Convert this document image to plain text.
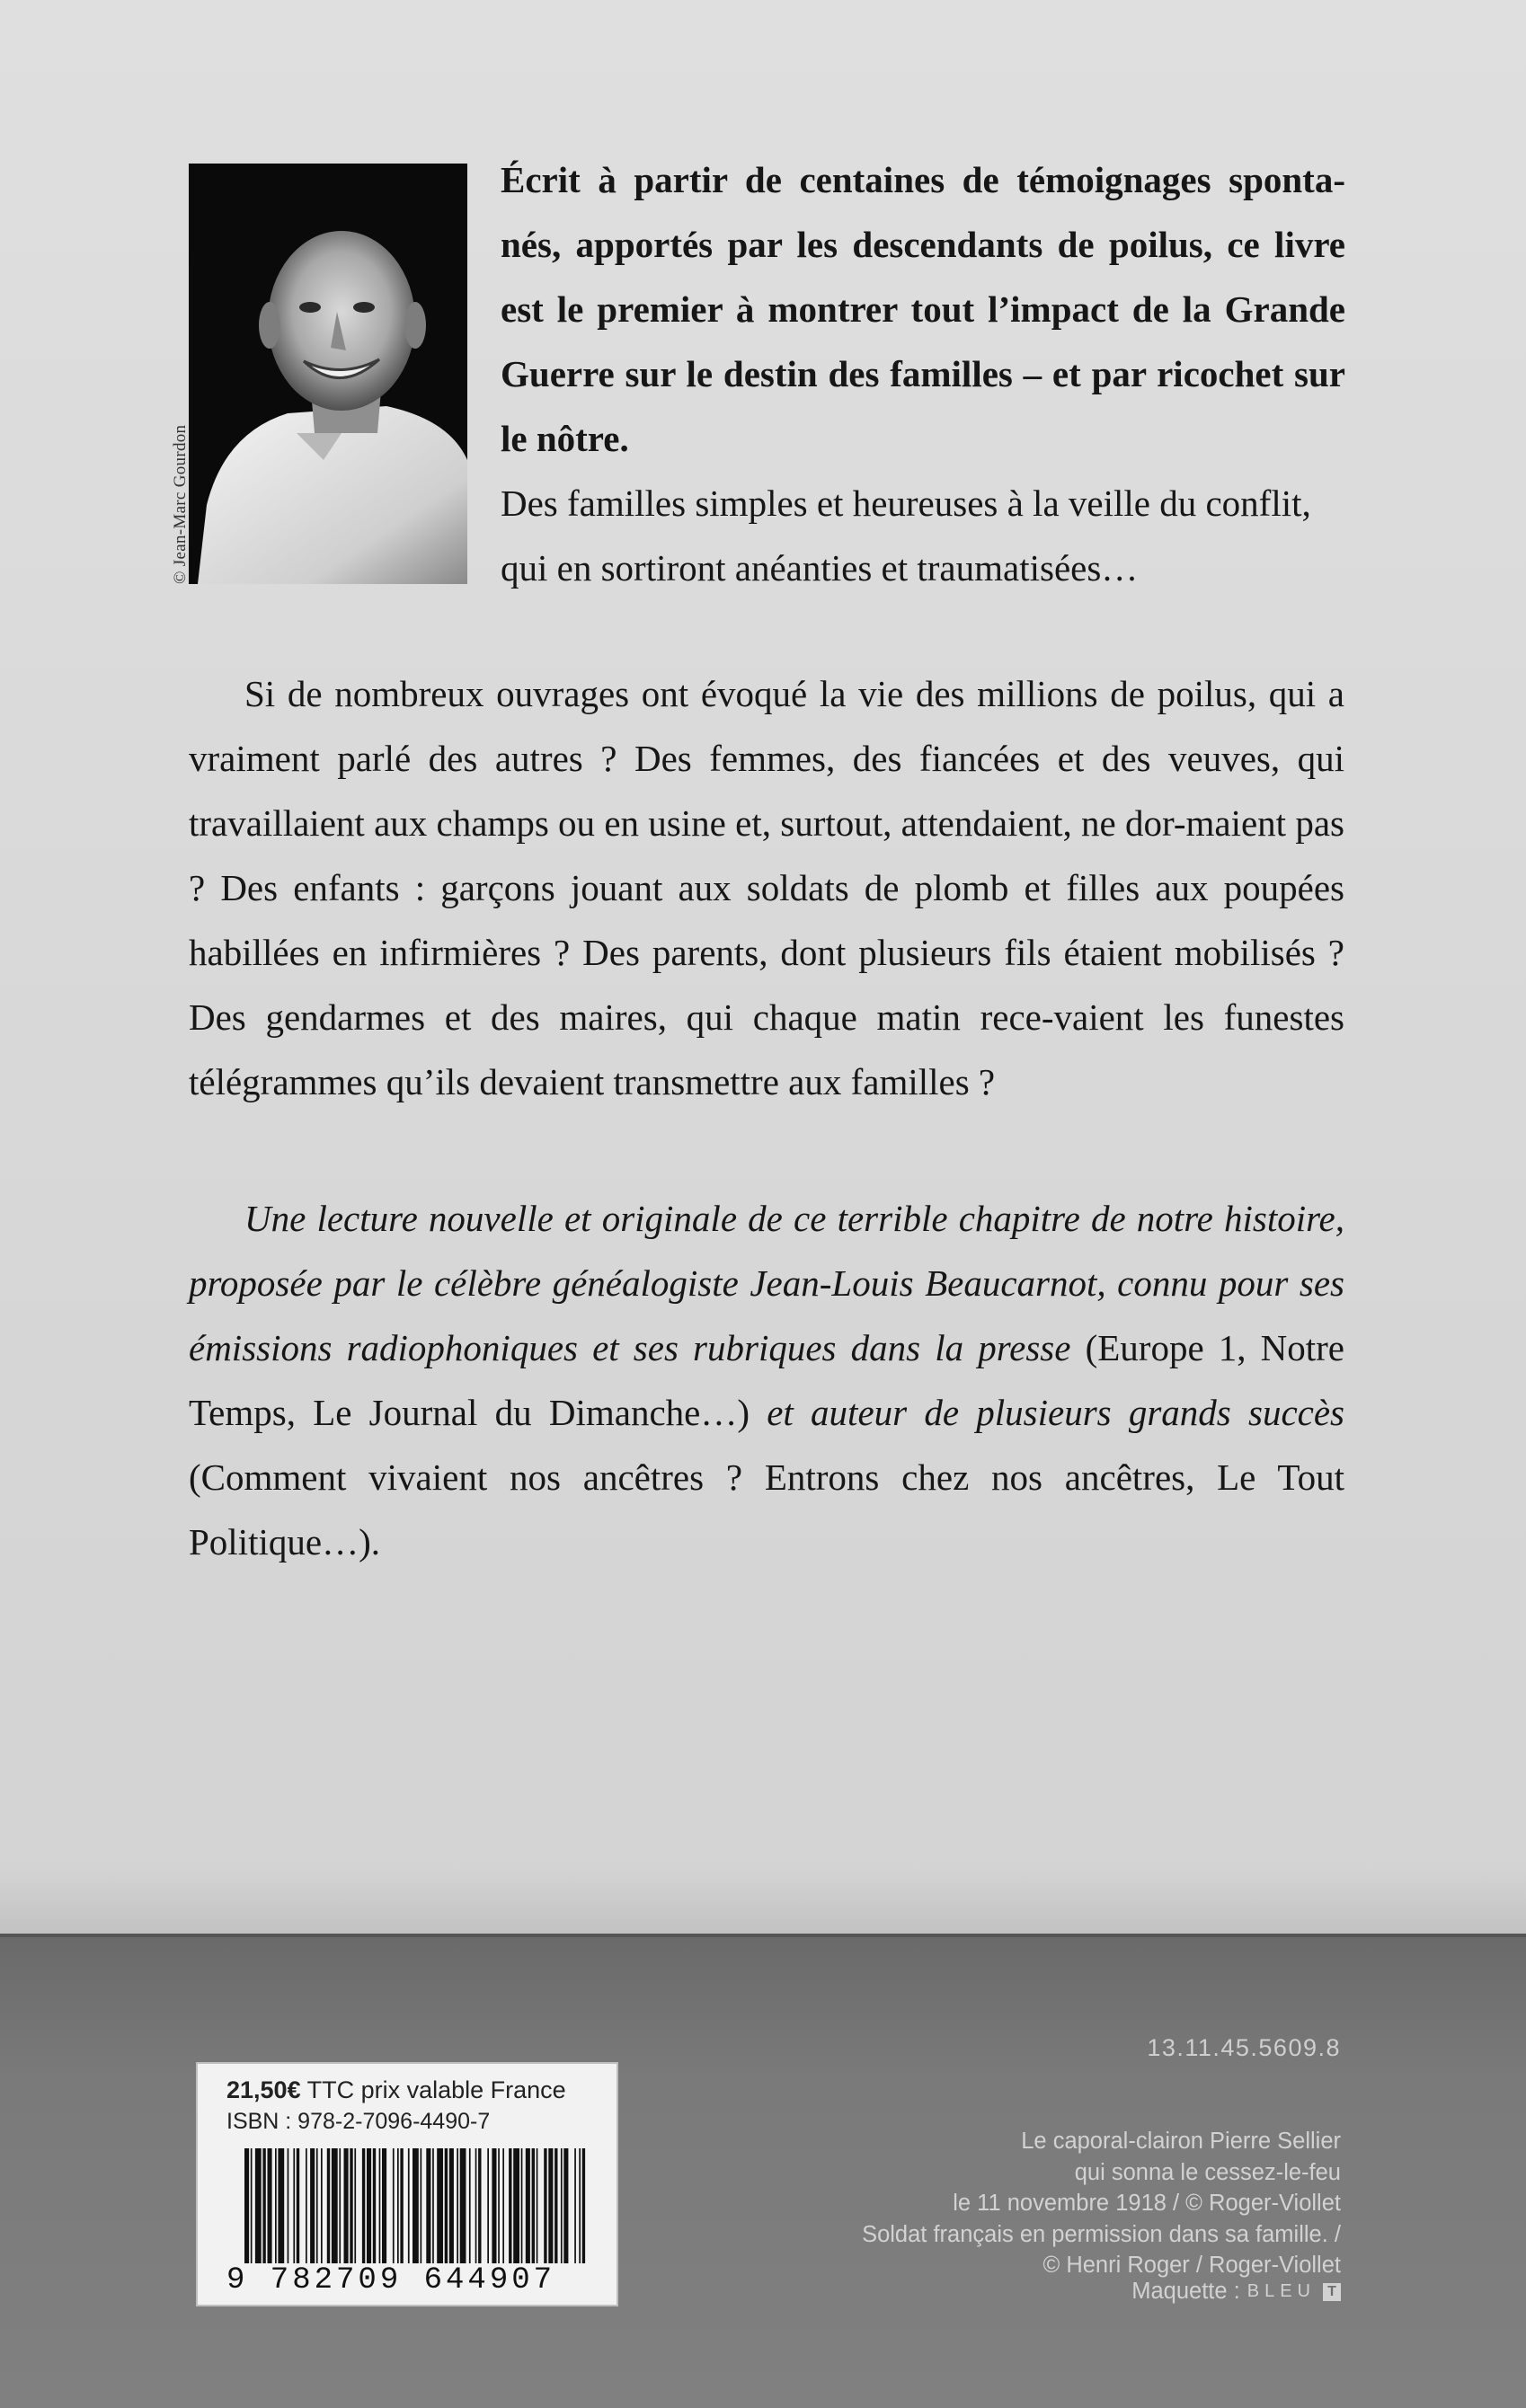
© Jean-Marc Gourdon
Écrit à partir de centaines de témoignages sponta-nés, apportés par les descendants de poilus, ce livre est le premier à montrer tout l’impact de la Grande Guerre sur le destin des familles – et par ricochet sur le nôtre.
Des familles simples et heureuses à la veille du conflit, qui en sortiront anéanties et traumatisées…
Si de nombreux ouvrages ont évoqué la vie des millions de poilus, qui a vraiment parlé des autres ? Des femmes, des fiancées et des veuves, qui travaillaient aux champs ou en usine et, surtout, attendaient, ne dor-maient pas ? Des enfants : garçons jouant aux soldats de plomb et filles aux poupées habillées en infirmières ? Des parents, dont plusieurs fils étaient mobilisés ? Des gendarmes et des maires, qui chaque matin rece-vaient les funestes télégrammes qu’ils devaient transmettre aux familles ?
Une lecture nouvelle et originale de ce terrible chapitre de notre histoire, proposée par le célèbre généalogiste Jean-Louis Beaucarnot, connu pour ses émissions radiophoniques et ses rubriques dans la presse (Europe 1, Notre Temps, Le Journal du Dimanche…) et auteur de plusieurs grands succès (Comment vivaient nos ancêtres ? Entrons chez nos ancêtres, Le Tout Politique…).
21,50€ TTC prix valable France
ISBN : 978-2-7096-4490-7
9 782709 644907
13.11.45.5609.8
Le caporal-clairon Pierre Sellier
qui sonna le cessez-le-feu
le 11 novembre 1918 / © Roger-Viollet
Soldat français en permission dans sa famille. /
© Henri Roger / Roger-Viollet
Maquette : BLEU T
